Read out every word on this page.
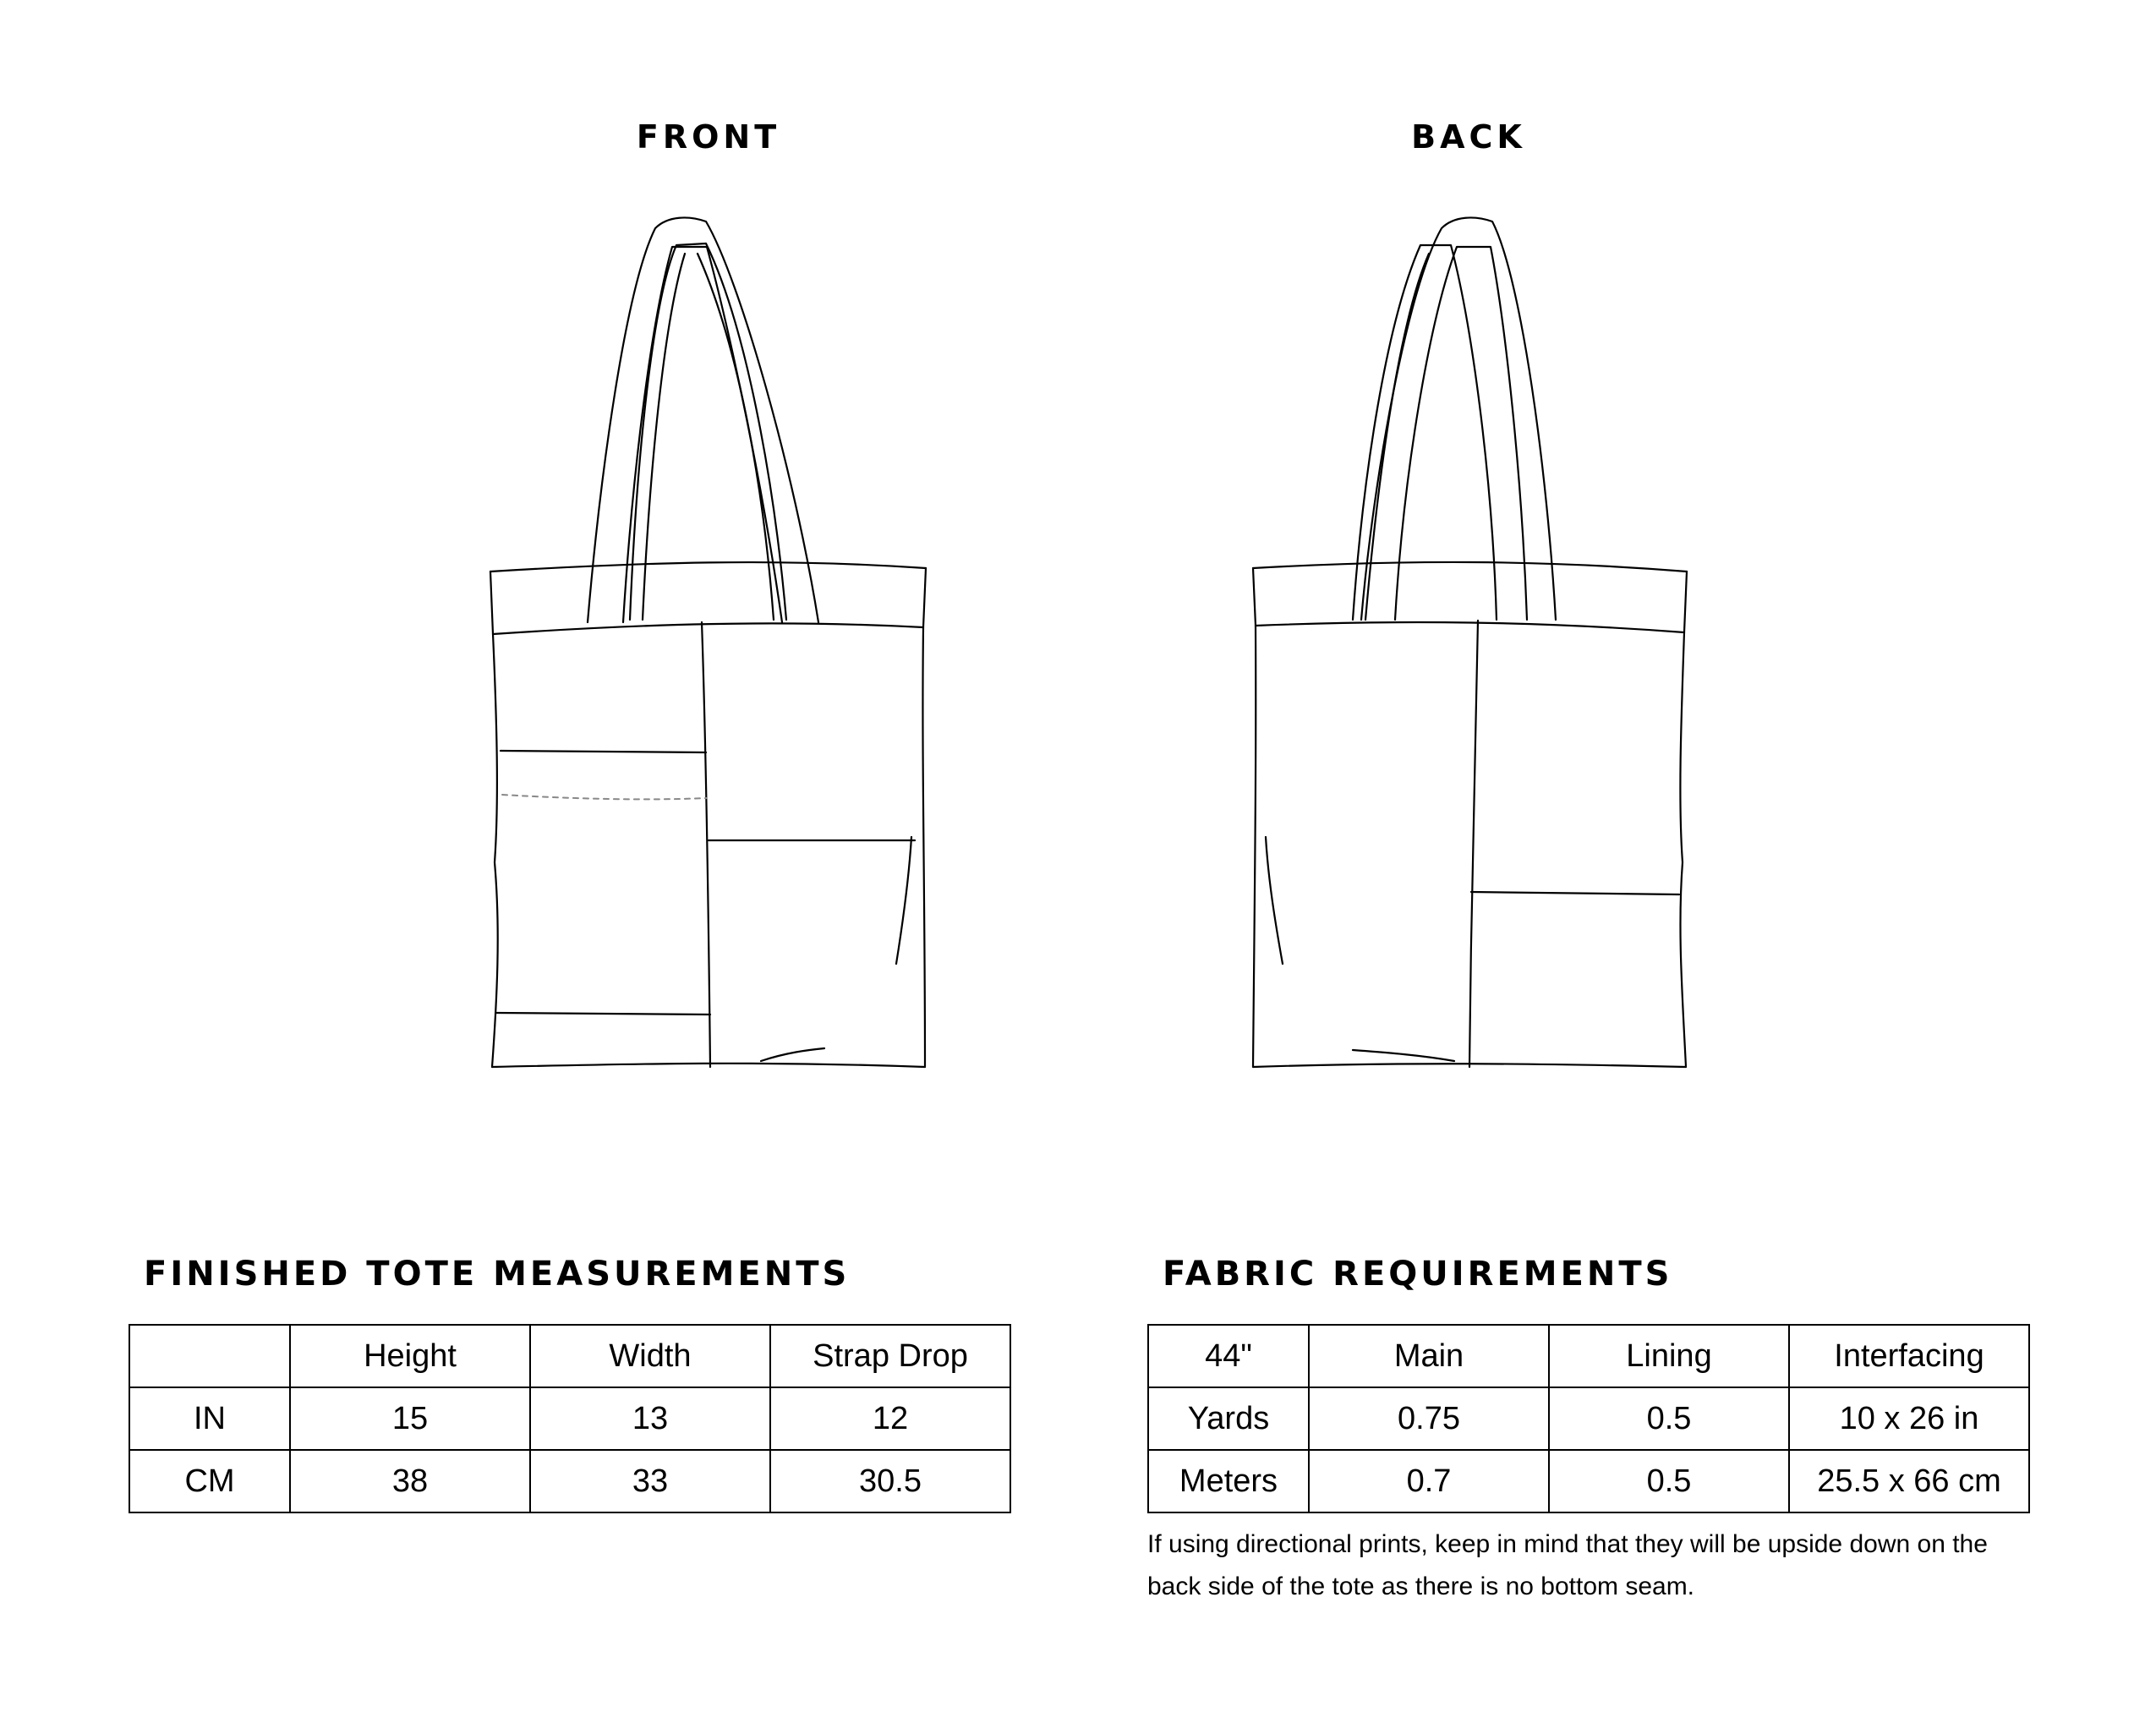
FRONT	BACK
FINISHED TOTE MEASUREMENTS
	Height	Width	Strap Drop
IN	15	13	12
CM	38	33	30.5
FABRIC REQUIREMENTS
44"	Main	Lining	Interfacing
Yards	0.75	0.5	10 x 26 in
Meters	0.7	0.5	25.5 x 66 cm

If using directional prints, keep in mind that they will be upside down on the back side of the tote as there is no bottom seam.
